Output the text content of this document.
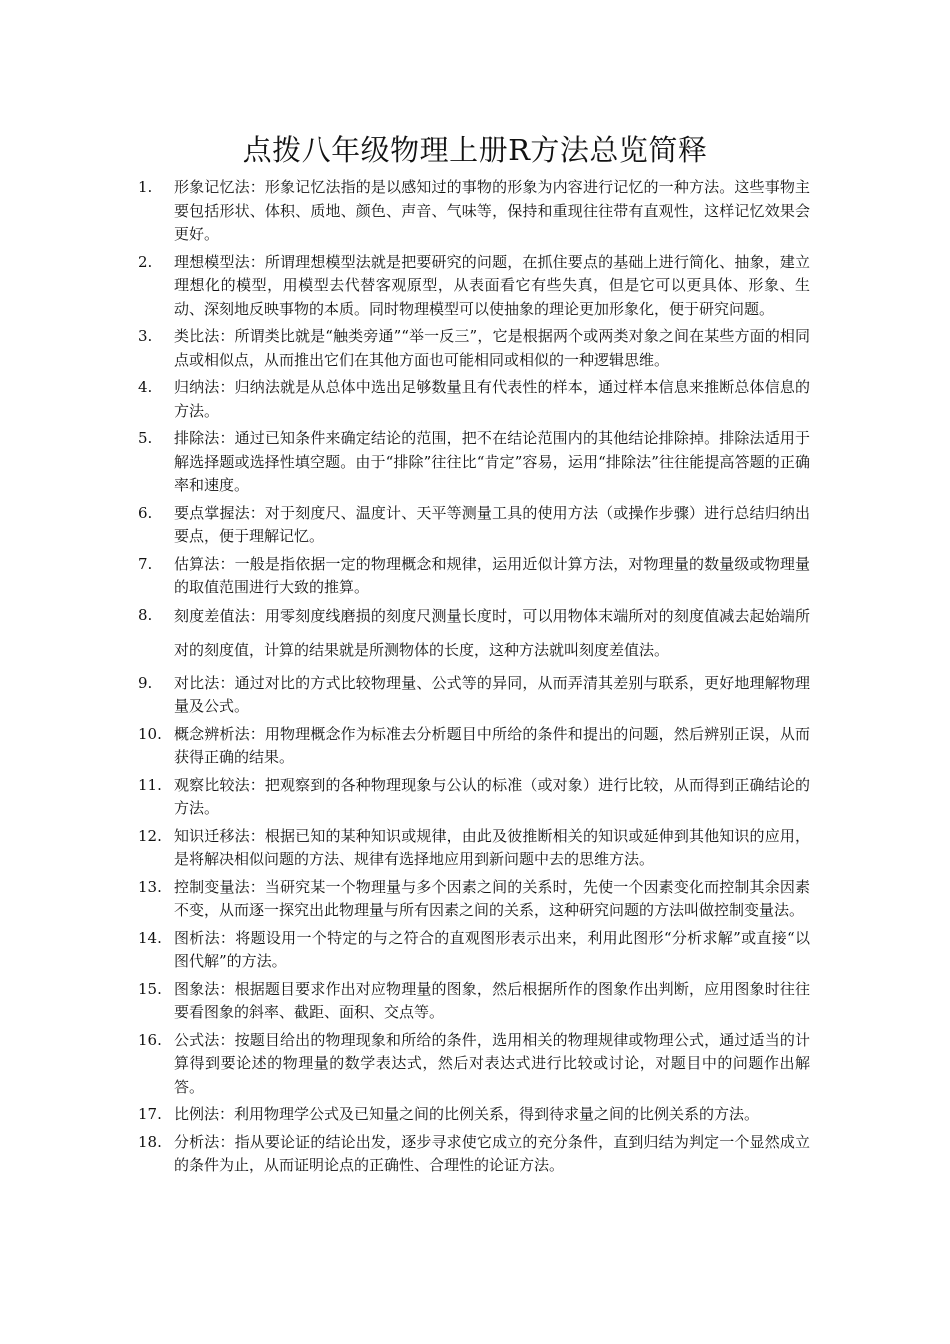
点拨八年级物理上册R方法总览简释
1.	形象记忆法：形象记忆法指的是以感知过的事物的形象为内容进行记忆的一种方法。这些事物主要包括形状、体积、质地、颜色、声音、气味等，保持和重现往往带有直观性，这样记忆效果会更好。
2.	理想模型法：所谓理想模型法就是把要研究的问题，在抓住要点的基础上进行简化、抽象，建立理想化的模型，用模型去代替客观原型，从表面看它有些失真，但是它可以更具体、形象、生动、深刻地反映事物的本质。同时物理模型可以使抽象的理论更加形象化，便于研究问题。
3.	类比法：所谓类比就是“触类旁通”“举一反三”，它是根据两个或两类对象之间在某些方面的相同点或相似点，从而推出它们在其他方面也可能相同或相似的一种逻辑思维。
4.	归纳法：归纳法就是从总体中选出足够数量且有代表性的样本，通过样本信息来推断总体信息的方法。
5.	排除法：通过已知条件来确定结论的范围，把不在结论范围内的其他结论排除掉。排除法适用于解选择题或选择性填空题。由于“排除”往往比“肯定”容易，运用“排除法”往往能提高答题的正确率和速度。
6.	要点掌握法：对于刻度尺、温度计、天平等测量工具的使用方法（或操作步骤）进行总结归纳出要点，便于理解记忆。
7.	估算法：一般是指依据一定的物理概念和规律，运用近似计算方法，对物理量的数量级或物理量的取值范围进行大致的推算。
8.	刻度差值法：用零刻度线磨损的刻度尺测量长度时，可以用物体末端所对的刻度值减去起始端所对的刻度值，计算的结果就是所测物体的长度，这种方法就叫刻度差值法。
9.	对比法：通过对比的方式比较物理量、公式等的异同，从而弄清其差别与联系，更好地理解物理量及公式。
10. 概念辨析法：用物理概念作为标准去分析题目中所给的条件和提出的问题，然后辨别正误，从而获得正确的结果。
11. 观察比较法：把观察到的各种物理现象与公认的标准（或对象）进行比较，从而得到正确结论的方法。
12. 知识迁移法：根据已知的某种知识或规律，由此及彼推断相关的知识或延伸到其他知识的应用，是将解决相似问题的方法、规律有选择地应用到新问题中去的思维方法。
13. 控制变量法：当研究某一个物理量与多个因素之间的关系时，先使一个因素变化而控制其余因素不变，从而逐一探究出此物理量与所有因素之间的关系，这种研究问题的方法叫做控制变量法。
14. 图析法：将题设用一个特定的与之符合的直观图形表示出来，利用此图形“分析求解”或直接“以图代解”的方法。
15. 图象法：根据题目要求作出对应物理量的图象，然后根据所作的图象作出判断，应用图象时往往要看图象的斜率、截距、面积、交点等。
16. 公式法：按题目给出的物理现象和所给的条件，选用相关的物理规律或物理公式，通过适当的计算得到要论述的物理量的数学表达式，然后对表达式进行比较或讨论，对题目中的问题作出解答。
17. 比例法：利用物理学公式及已知量之间的比例关系，得到待求量之间的比例关系的方法。
18. 分析法：指从要论证的结论出发，逐步寻求使它成立的充分条件，直到归结为判定一个显然成立的条件为止，从而证明论点的正确性、合理性的论证方法。
